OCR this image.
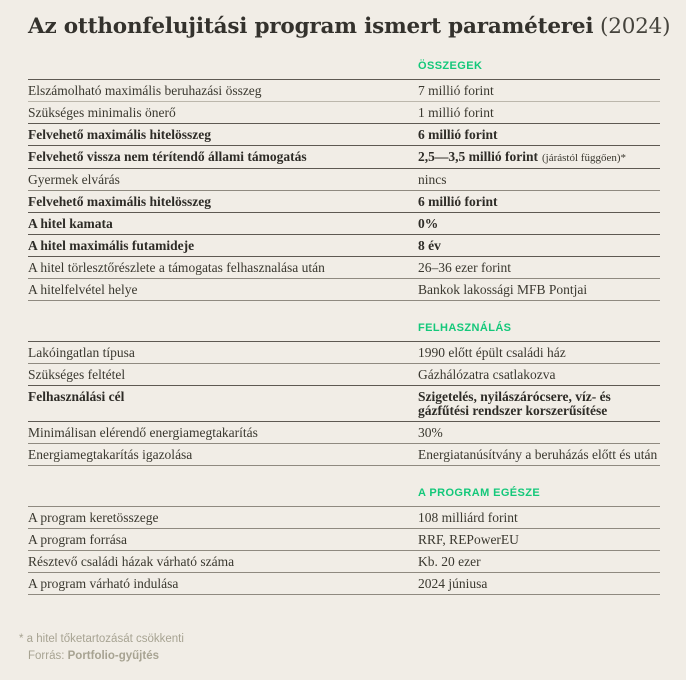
Az otthonfelujitási program ismert paraméterei (2024)
ÖSSZEGEK
Elszámolható maximális beruhazási összeg	7 millió forint
Szükséges minimalis önerő	1 millió forint
Felvehető maximális hitelösszeg	6 millió forint
Felvehető vissza nem térítendő állami támogatás	2,5—3,5 millió forint (járástól függően)*
Gyermek elvárás	nincs
Felvehető maximális hitelösszeg	6 millió forint
A hitel kamata	0%
A hitel maximális futamideje	8 év
A hitel törlesztőrészlete a támogatas felhasznalása után	26–36 ezer forint
A hitelfelvétel helye	Bankok lakossági MFB Pontjai
FELHASZNÁLÁS
Lakóingatlan típusa	1990 előtt épült családi ház
Szükséges feltétel	Gázhálózatra csatlakozva
Felhasználási cél	Szigetelés, nyilászárócsere, víz- és gázfűtési rendszer korszerűsítése
Minimálisan elérendő energiamegtakarítás	30%
Energiamegtakarítás igazolása	Energiatanúsítvány a beruházás előtt és után
A PROGRAM EGÉSZE
A program keretösszege	108 milliárd forint
A program forrása	RRF, REPowerEU
Résztevő családi házak várható száma	Kb. 20 ezer
A program várható indulása	2024 júniusa
* a hitel tőketartozását csökkenti
Forrás: Portfolio-gyűjtés
